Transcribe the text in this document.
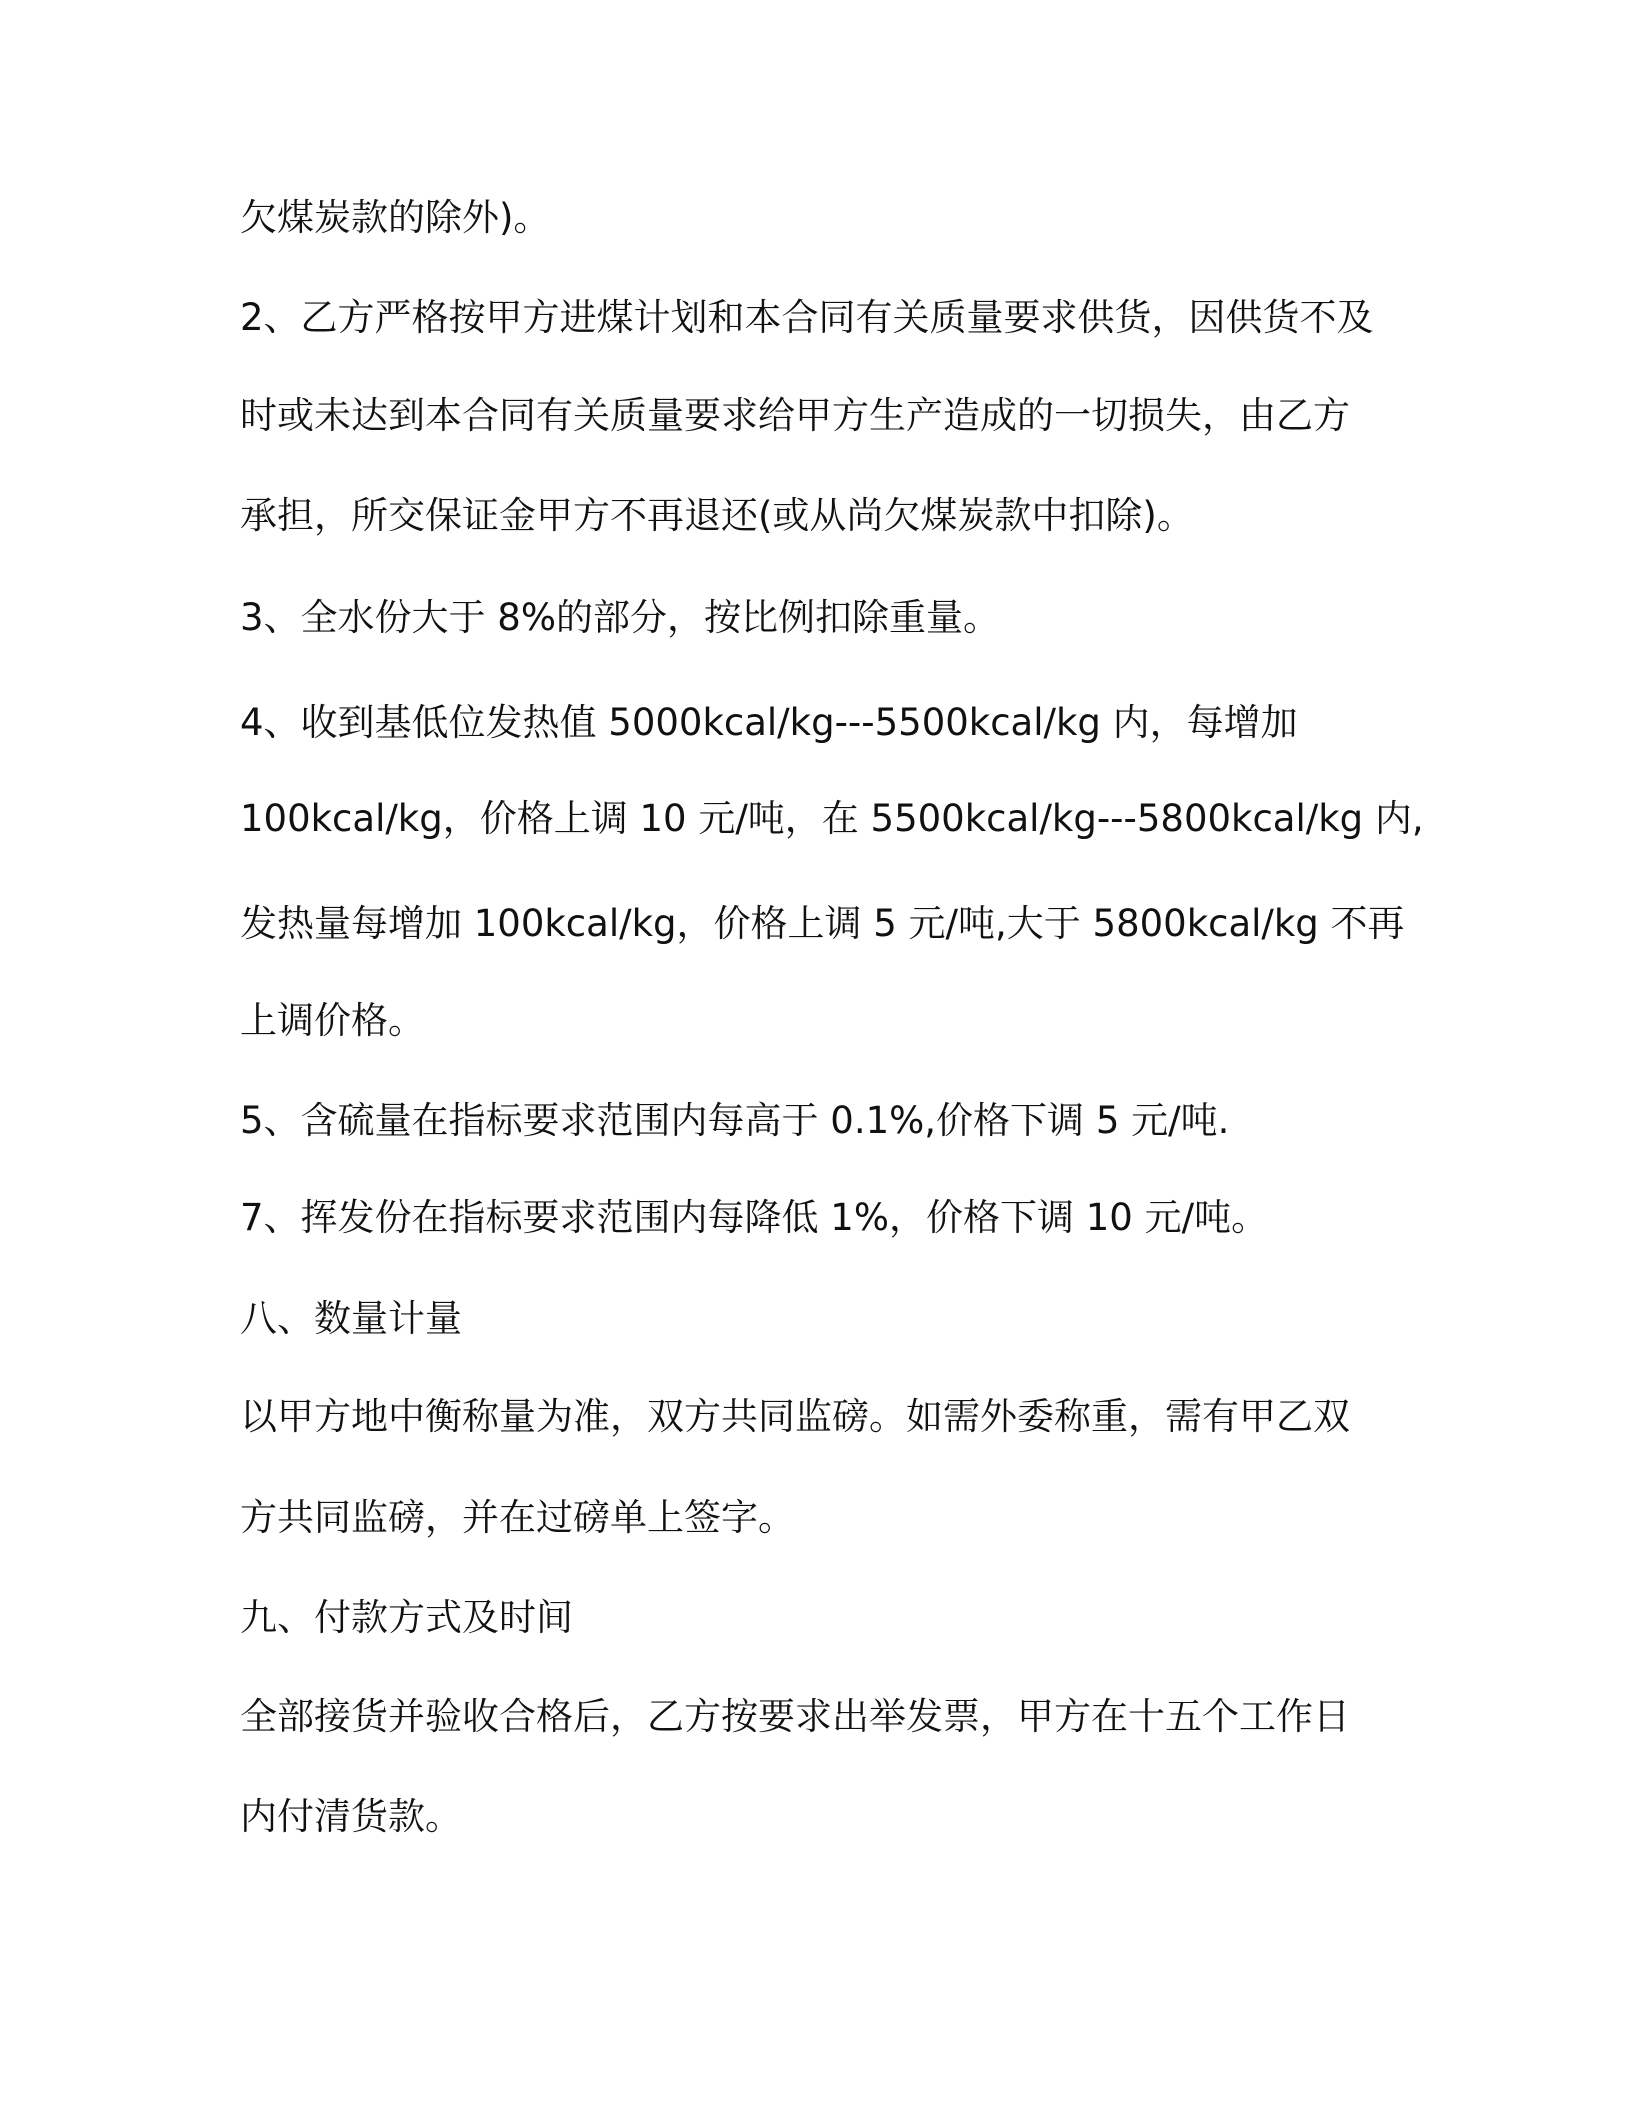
欠煤炭款的除外)。
2、乙方严格按甲方进煤计划和本合同有关质量要求供货，因供货不及
时或未达到本合同有关质量要求给甲方生产造成的一切损失，由乙方
承担，所交保证金甲方不再退还(或从尚欠煤炭款中扣除)。
3、全水份大于 8%的部分，按比例扣除重量。
4、收到基低位发热值 5000kcal/kg---5500kcal/kg 内，每增加
100kcal/kg，价格上调 10 元/吨，在 5500kcal/kg---5800kcal/kg 内,
发热量每增加 100kcal/kg，价格上调 5 元/吨,大于 5800kcal/kg 不再
上调价格。
5、含硫量在指标要求范围内每高于 0.1%,价格下调 5 元/吨.
7、挥发份在指标要求范围内每降低 1%，价格下调 10 元/吨。
八、数量计量
以甲方地中衡称量为准，双方共同监磅。如需外委称重，需有甲乙双
方共同监磅，并在过磅单上签字。
九、付款方式及时间
全部接货并验收合格后，乙方按要求出举发票，甲方在十五个工作日
内付清货款。
